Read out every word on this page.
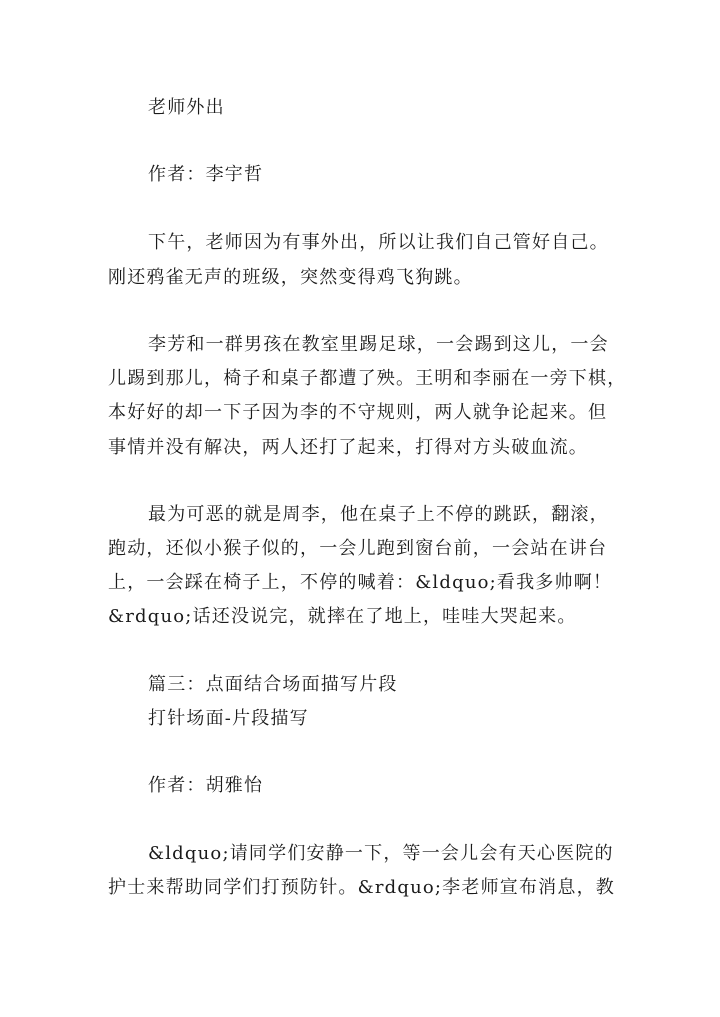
老师外出
作者：李宇哲
下午，老师因为有事外出，所以让我们自己管好自己。
刚还鸦雀无声的班级，突然变得鸡飞狗跳。
李芳和一群男孩在教室里踢足球，一会踢到这儿，一会
儿踢到那儿，椅子和桌子都遭了殃。王明和李丽在一旁下棋，
本好好的却一下子因为李的不守规则，两人就争论起来。但
事情并没有解决，两人还打了起来，打得对方头破血流。
最为可恶的就是周李，他在桌子上不停的跳跃，翻滚，
跑动，还似小猴子似的，一会儿跑到窗台前，一会站在讲台
上，一会踩在椅子上，不停的喊着：&ldquo;看我多帅啊！
&rdquo;话还没说完，就摔在了地上，哇哇大哭起来。
篇三：点面结合场面描写片段
打针场面-片段描写
作者：胡雅怡
&ldquo;请同学们安静一下，等一会儿会有天心医院的
护士来帮助同学们打预防针。&rdquo;李老师宣布消息，教
